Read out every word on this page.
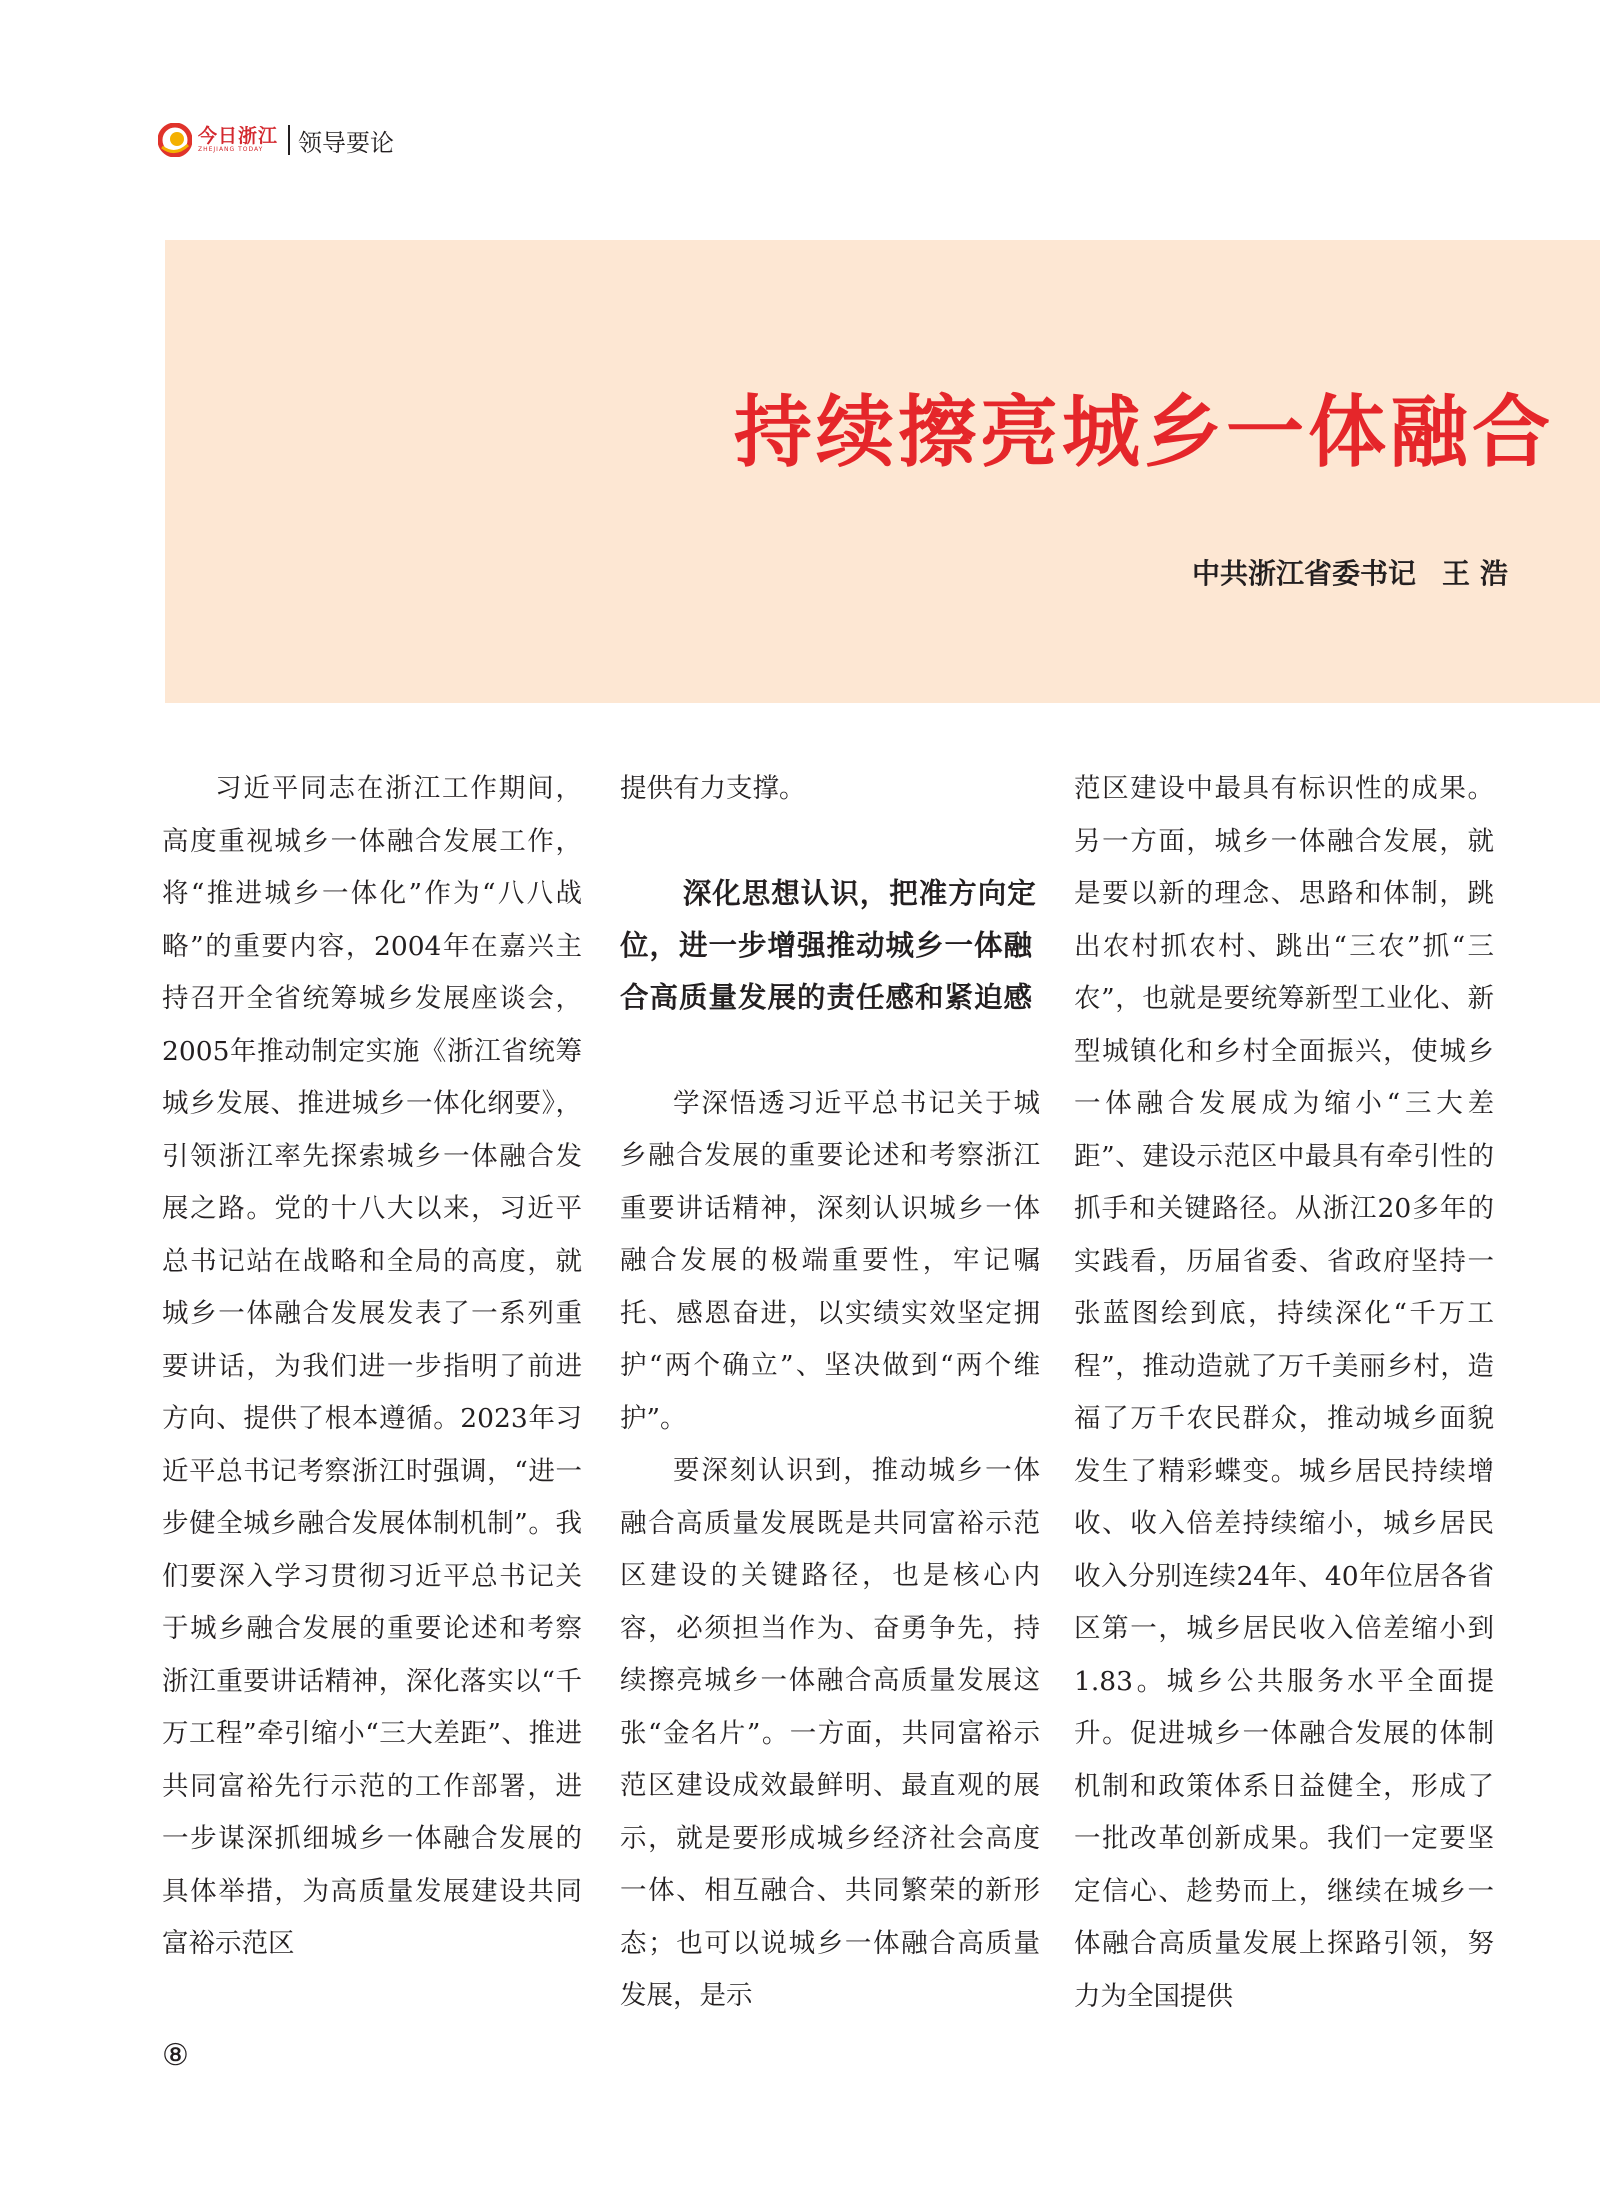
今日浙江
ZHEJIANG TODAY	领导要论
持续擦亮城乡一体融合
中共浙江省委书记 王浩

习近平同志在浙江工作期间，高度重视城乡一体融合发展工作，将“推进城乡一体化”作为“八八战略”的重要内容，2004年在嘉兴主持召开全省统筹城乡发展座谈会，2005年推动制定实施《浙江省统筹城乡发展、推进城乡一体化纲要》，引领浙江率先探索城乡一体融合发展之路。党的十八大以来，习近平总书记站在战略和全局的高度，就城乡一体融合发展发表了一系列重要讲话，为我们进一步指明了前进方向、提供了根本遵循。2023年习近平总书记考察浙江时强调，“进一步健全城乡融合发展体制机制”。我们要深入学习贯彻习近平总书记关于城乡融合发展的重要论述和考察浙江重要讲话精神，深化落实以“千万工程”牵引缩小“三大差距”、推进共同富裕先行示范的工作部署，进一步谋深抓细城乡一体融合发展的具体举措，为高质量发展建设共同富裕示范区

提供有力支撑。

深化思想认识，把准方向定位，进一步增强推动城乡一体融合高质量发展的责任感和紧迫感

学深悟透习近平总书记关于城乡融合发展的重要论述和考察浙江重要讲话精神，深刻认识城乡一体融合发展的极端重要性，牢记嘱托、感恩奋进，以实绩实效坚定拥护“两个确立”、坚决做到“两个维护”。

要深刻认识到，推动城乡一体融合高质量发展既是共同富裕示范区建设的关键路径，也是核心内容，必须担当作为、奋勇争先，持续擦亮城乡一体融合高质量发展这张“金名片”。一方面，共同富裕示范区建设成效最鲜明、最直观的展示，就是要形成城乡经济社会高度一体、相互融合、共同繁荣的新形态；也可以说城乡一体融合高质量发展，是示

范区建设中最具有标识性的成果。另一方面，城乡一体融合发展，就是要以新的理念、思路和体制，跳出农村抓农村、跳出“三农”抓“三农”，也就是要统筹新型工业化、新型城镇化和乡村全面振兴，使城乡一体融合发展成为缩小“三大差距”、建设示范区中最具有牵引性的抓手和关键路径。从浙江20多年的实践看，历届省委、省政府坚持一张蓝图绘到底，持续深化“千万工程”，推动造就了万千美丽乡村，造福了万千农民群众，推动城乡面貌发生了精彩蝶变。城乡居民持续增收、收入倍差持续缩小，城乡居民收入分别连续24年、40年位居各省区第一，城乡居民收入倍差缩小到1.83。城乡公共服务水平全面提升。促进城乡一体融合发展的体制机制和政策体系日益健全，形成了一批改革创新成果。我们一定要坚定信心、趁势而上，继续在城乡一体融合高质量发展上探路引领，努力为全国提供

⑧
